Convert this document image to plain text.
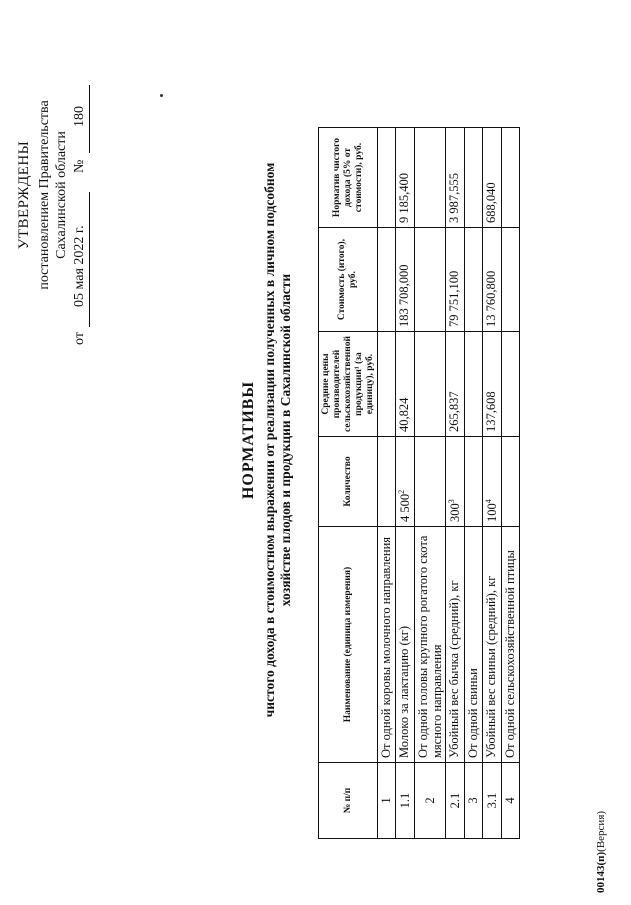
УТВЕРЖДЕНЫ постановлением Правительства Сахалинской области
от
05 мая 2022 г.
№
180
НОРМАТИВЫ чистого дохода в стоимостном выражении от реализации полученных в личном подсобном хозяйстве плодов и продукции в Сахалинской области
№ п/п	Наименование (единица измерения)	Количество	Средние цены производителей сельскохозяйственной продукции¹ (за единицу), руб.	Стоимость (итого), руб.	Норматив чистого дохода (5% от стоимости), руб.
1	От одной коровы молочного направления				
1.1	Молоко за лактацию (кг)	4 $500^2$	40,824	183 708,000	9 185,400
2	От одной головы крупного рогатого скота мясного направления				
2.1	Убойный вес бычка (средний), кг	$300^3$	265,837	79 751,100	3 987,555
3	От одной свиньи				
3.1	Убойный вес свиньи (средний), кг	$100^4$	137,608	13 760,800	688,040
4	От одной сельскохозяйственной птицы				
00143(п)(Версия)
